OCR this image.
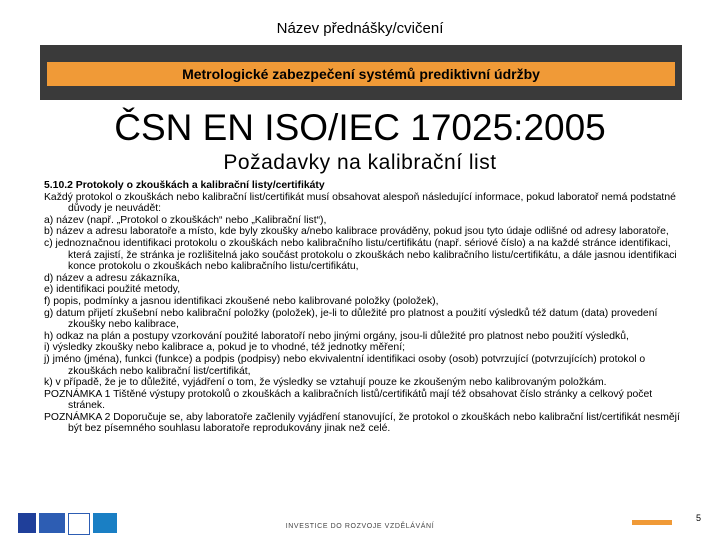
Název přednášky/cvičení
Metrologické zabezpečení systémů prediktivní údržby
ČSN EN ISO/IEC 17025:2005
Požadavky na kalibrační list

5.10.2 Protokoly o zkouškách a kalibrační listy/certifikáty

Každý protokol o zkouškách nebo kalibrační list/certifikát musí obsahovat alespoň následující informace, pokud laboratoř nemá podstatné důvody je neuvádět:

a) název (např. „Protokol o zkouškách“ nebo „Kalibrační list“),

b) název a adresu laboratoře a místo, kde byly zkoušky a/nebo kalibrace prováděny, pokud jsou tyto údaje odlišné od adresy laboratoře,

c) jednoznačnou identifikaci protokolu o zkouškách nebo kalibračního listu/certifikátu (např. sériové číslo) a na každé stránce identifikaci, která zajistí, že stránka je rozlišitelná jako součást protokolu o zkouškách nebo kalibračního listu/certifikátu, a dále jasnou identifikaci konce protokolu o zkouškách nebo kalibračního listu/certifikátu,

d) název a adresu zákazníka,

e) identifikaci použité metody,

f) popis, podmínky a jasnou identifikaci zkoušené nebo kalibrované položky (položek),

g) datum přijetí zkušební nebo kalibrační položky (položek), je-li to důležité pro platnost a použití výsledků též datum (data) provedení zkoušky nebo kalibrace,

h) odkaz na plán a postupy vzorkování použité laboratoří nebo jinými orgány, jsou-li důležité pro platnost nebo použití výsledků,

i) výsledky zkoušky nebo kalibrace a, pokud je to vhodné, též jednotky měření;

j) jméno (jména), funkci (funkce) a podpis (podpisy) nebo ekvivalentní identifikaci osoby (osob) potvrzující (potvrzujících) protokol o zkouškách nebo kalibrační list/certifikát,

k) v případě, že je to důležité, vyjádření o tom, že výsledky se vztahují pouze ke zkoušeným nebo kalibrovaným položkám.

POZNÁMKA 1 Tištěné výstupy protokolů o zkouškách a kalibračních listů/certifikátů mají též obsahovat číslo stránky a celkový počet stránek.

POZNÁMKA 2 Doporučuje se, aby laboratoře začlenily vyjádření stanovující, že protokol o zkouškách nebo kalibrační list/certifikát nesmějí být bez písemného souhlasu laboratoře reprodukovány jinak než celé.

INVESTICE DO ROZVOJE VZDĚLÁVÁNÍ
5
